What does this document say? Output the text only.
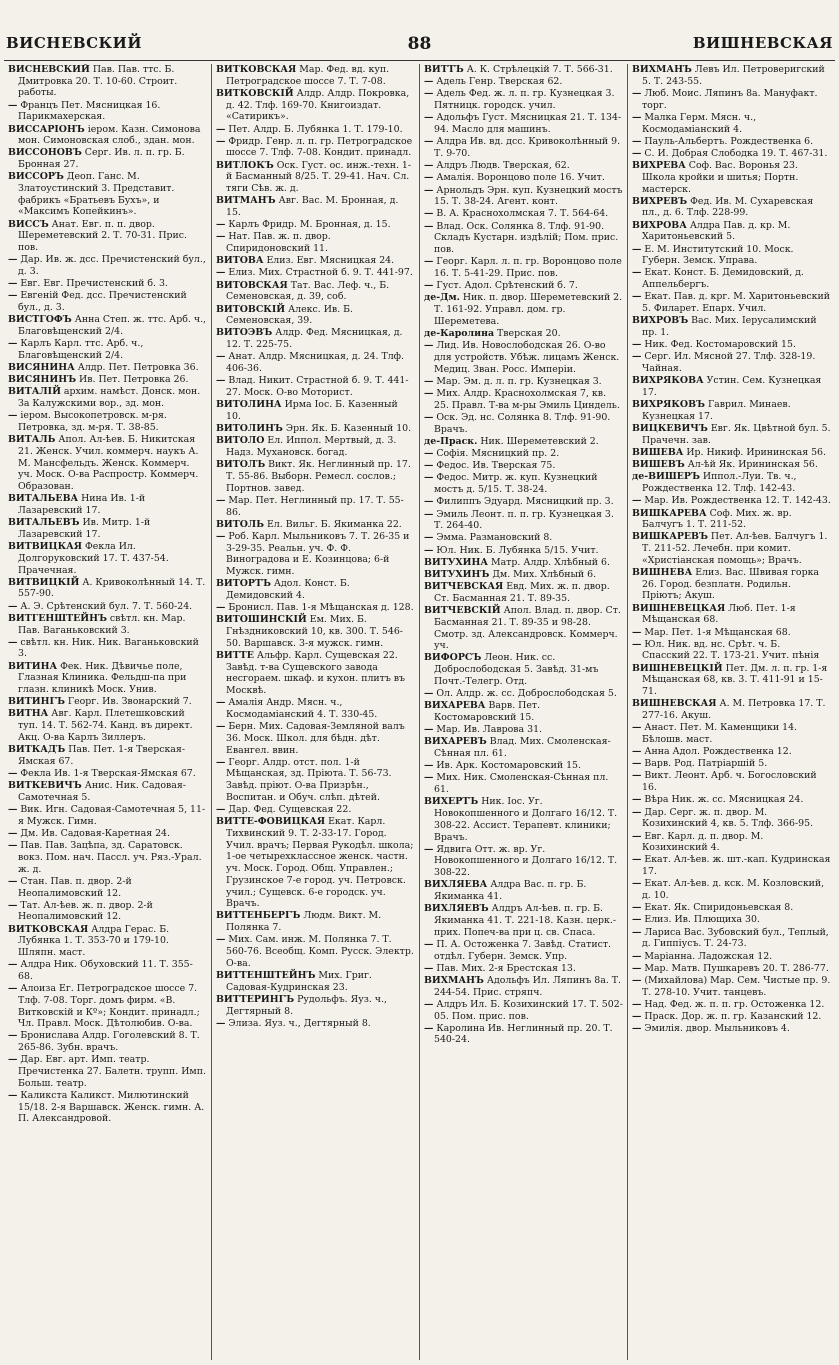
ВИСНЕВСКИЙ	88	ВИШНЕВСКАЯ

ВИСНЕВСКИЙ Пав. Пав. ттс. Б. Дмитровка 20. Т. 10-60. Строит. работы.

— Францъ Пет. Мясницкая 16. Парикмахерская.

ВИССАРІОНЪ ieром. Казн. Симонова мон. Симоновская слоб., здан. мон.

ВИССОНОВЪ Серг. Ив. л. п. гр. Б. Бронная 27.

ВИССОРЪ Деоп. Ганс. М. Златоустинский 3. Представит. фабрикъ «Братьевъ Бухъ», и «Максимъ Копейкинъ».

ВИССЪ Анат. Евг. п. п. двор. Шереметевский 2. Т. 70-31. Прис. пов.

— Дар. Ив. ж. дсс. Пречистенский бул., д. 3.

— Евг. Евг. Пречистенский б. 3.

— Евгеній Фед. дсс. Пречистенский бул., д. 3.

ВИСТГОФЪ Анна Степ. ж. ттс. Арб. ч., Благовѣщенский 2/4.

— Карлъ Карл. ттс. Арб. ч., Благовѣщенский 2/4.

ВИСЯНИНА Алдр. Пет. Петровка 36.

ВИСЯНИНЪ Ив. Пет. Петровка 26.

ВИТАЛІЙ архим. намѣст. Донск. мон. За Калужскими вор., зд. мон.

— ieром. Высокопетровск. м-ря. Петровка, зд. м-ря. Т. 38-85.

ВИТАЛЬ Апол. Ал-ѣев. Б. Никитская 21. Женск. Учил. коммерч. наукъ А. М. Мансфельдъ. Женск. Коммерч. уч. Моск. О-ва Распростр. Коммерч. Образован.

ВИТАЛЬЕВА Нина Ив. 1-й Лазаревский 17.

ВИТАЛЬЕВЪ Ив. Митр. 1-й Лазаревский 17.

ВИТВИЦКАЯ Фекла Ил. Долгоруковский 17. Т. 437-54. Прачечная.

ВИТВИЦКІЙ А. Кривоколѣнный 14. Т. 557-90.

— А. Э. Срѣтенский бул. 7. Т. 560-24.

ВИТГЕНШТЕЙНЪ свѣтл. кн. Мар. Пав. Ваганьковский 3.

— свѣтл. кн. Ник. Ник. Ваганьковский 3.

ВИТИНА Фек. Ник. Дѣвичье поле, Глазная Клиника. Фельдш-па при глазн. клиникѣ Моск. Унив.

ВИТИНГЪ Георг. Ив. Звонарский 7.

ВИТНА Авг. Карл. Плетешковский туп. 14. Т. 562-74. Канд. въ директ. Акц. О-ва Карлъ Зиллеръ.

ВИТКАДЪ Пав. Пет. 1-я Тверская-Ямская 67.

— Фекла Ив. 1-я Тверская-Ямская 67.

ВИТКЕВИЧЪ Анис. Ник. Садовая-Самотечная 5.

— Вик. Игн. Садовая-Самотечная 5, 11-я Мужск. Гимн.

— Дм. Ив. Садовая-Каретная 24.

— Пав. Пав. Зацѣпа, зд. Саратовск. вокз. Пом. нач. Пассл. уч. Ряз.-Урал. ж. д.

— Стан. Пав. п. двор. 2-й Неопалимовский 12.

— Тат. Ал-ѣев. ж. п. двор. 2-й Неопалимовский 12.

ВИТКОВСКАЯ Алдра Герас. Б. Лубянка 1. Т. 353-70 и 179-10. Шляпн. маст.

— Алдра Ник. Обуховский 11. Т. 355-68.

— Алоиза Ег. Петроградское шоссе 7. Тлф. 7-08. Торг. домъ фирм. «В. Витковскій и Кº»; Кондит. принадл.; Чл. Правл. Моск. Дѣтолюбив. О-ва.

— Брониславa Алдр. Гоголевский 8. Т. 265-86. Зубн. врачъ.

— Дар. Евг. арт. Имп. театр. Пречистенка 27. Балетн. трупп. Имп. Больш. театр.

— Каликста Каликст. Милютинский 15/18. 2-я Варшавск. Женск. гимн. А. П. Александровой.

ВИТКОВСКАЯ Мар. Фед. вд. куп. Петроградское шоссе 7. Т. 7-08.

ВИТКОВСКІЙ Алдр. Алдр. Покровка, д. 42. Тлф. 169-70. Книгоиздат. «Сатирикъ».

— Пет. Алдр. Б. Лубянка 1. Т. 179-10.

— Фридр. Генр. л. п. гр. Петроградское шоссе 7. Тлф. 7-08. Кондит. принадл.

ВИТЛОКЪ Оск. Густ. ос. инж.-техн. 1-й Басманный 8/25. Т. 29-41. Нач. Сл. тяги Сѣв. ж. д.

ВИТМАНЪ Авг. Вас. М. Бронная, д. 15.

— Карлъ Фридр. М. Бронная, д. 15.

— Нат. Пав. ж. п. двор. Спиридоновский 11.

ВИТОВА Елиз. Евг. Мясницкая 24.

— Елиз. Мих. Страстной б. 9. Т. 441-97.

ВИТОВСКАЯ Тат. Вас. Леф. ч., Б. Семеновская, д. 39, соб.

ВИТОВСКІЙ Алекс. Ив. Б. Семеновская, 39.

ВИТОЭВЪ Алдр. Фед. Мясницкая, д. 12. Т. 225-75.

— Анат. Алдр. Мясницкая, д. 24. Тлф. 406-36.

— Влад. Никит. Страстной б. 9. Т. 441-27. Моск. О-во Моторист.

ВИТОЛИНА Ирма Іос. Б. Казенный 10.

ВИТОЛИНЪ Эрн. Як. Б. Казенный 10.

ВИТОЛО Ел. Иппол. Мертвый, д. 3. Надз. Мухановск. богад.

ВИТОЛЪ Викт. Як. Неглинный пр. 17. Т. 55-86. Выборн. Ремесл. сослов.; Портнов. завед.

— Мар. Пет. Неглинный пр. 17. Т. 55-86.

ВИТОЛЬ Ел. Вильг. Б. Якиманка 22.

— Роб. Карл. Мыльниковъ 7. Т. 26-35 и 3-29-35. Реальн. уч. Ф. Ф. Виноградова и Е. Козинцова; 6-й Мужск. гимн.

ВИТОРТЪ Адол. Конст. Б. Демидовский 4.

— Бронисл. Пав. 1-я Мѣщанская д. 128.

ВИТОШИНСКІЙ Ем. Мих. Б. Гнѣздниковский 10, кв. 300. Т. 546-50. Варшавск. 3-я мужск. гимн.

ВИТТЕ Альфр. Карл. Сущевская 22. Завѣд. т-ва Сущевского завода несгораем. шкаф. и кухон. плитъ въ Москвѣ.

— Амалія Андр. Мясн. ч., Космодаміанский 4. Т. 330-45.

— Берн. Мих. Садовая-Земляной валъ 36. Моск. Школ. для бѣдн. дѣт. Евангел. ввин.

— Георг. Алдр. отст. пол. 1-й Мѣщанская, зд. Пріюта. Т. 56-73. Завѣд. пріют. О-ва Призрѣн., Воспитан. и Обуч. слѣп. дѣтей.

— Дар. Фед. Сущевская 22.

ВИТТЕ-ФОВИЦКАЯ Екат. Карл. Тихвинский 9. Т. 2-33-17. Город. Учил. врачъ; Первая Рукодѣл. школа; 1-ое четырехклассное женск. частн. уч. Моск. Город. Общ. Управлен.; Грузинское 7-е город. уч. Петровск. учил.; Сущевск. 6-е городск. уч. Врачъ.

ВИТТЕНБЕРГЪ Людм. Викт. М. Полянка 7.

— Мих. Сам. инж. М. Полянка 7. Т. 560-76. Всеобщ. Комп. Русск. Электр. О-ва.

ВИТТЕНШТЕЙНЪ Мих. Григ. Садовая-Кудринская 23.

ВИТТЕРИНГЪ Рудольфъ. Яуз. ч., Дегтярный 8.

— Элиза. Яуз. ч., Дегтярный 8.

ВИТТЪ А. К. Стрѣлецкій 7. Т. 566-31.

— Адель Генр. Тверская 62.

— Адель Фед. ж. л. п. гр. Кузнецкая 3. Пятницк. городск. учил.

— Адольфъ Густ. Мясницкая 21. Т. 134-94. Масло для машинъ.

— Алдра Ив. вд. дсс. Кривоколѣнный 9. Т. 9-70.

— Алдръ Людв. Тверская, 62.

— Амалія. Воронцово поле 16. Учит.

— Арнольдъ Эрн. куп. Кузнецкий мостъ 15. Т. 38-24. Агент. конт.

— В. А. Краснохолмская 7. Т. 564-64.

— Влад. Оск. Солянка 8. Тлф. 91-90. Складъ Кустарн. издѣлій; Пом. прис. пов.

— Георг. Карл. л. п. гр. Воронцово поле 16. Т. 5-41-29. Прис. пов.

— Густ. Адол. Срѣтенский б. 7.

де-Дм. Ник. п. двор. Шереметевский 2. Т. 161-92. Управл. дом. гр. Шереметева.

де-Каролина Тверская 20.

— Лид. Ив. Новослободская 26. О-во для устройств. Убѣж. лицамъ Женск. Медиц. Зван. Росс. Имперіи.

— Мар. Эм. д. л. п. гр. Кузнецкая 3.

— Мих. Алдр. Краснохолмская 7, кв. 25. Правл. Т-ва м-ры Эмиль Циндель.

— Оск. Эд. нс. Солянка 8. Тлф. 91-90. Врачъ.

де-Праск. Ник. Шереметевский 2.

— Софія. Мясницкий пр. 2.

— Федос. Ив. Тверская 75.

— Федос. Митр. ж. куп. Кузнецкий мостъ д. 5/15. Т. 38-24.

— Филиппъ Эдуард. Мясницкий пр. 3.

— Эмиль Леонт. п. п. гр. Кузнецкая 3. Т. 264-40.

— Эмма. Размановский 8.

— Юл. Ник. Б. Лубянка 5/15. Учит.

ВИТУХИНА Матр. Алдр. Хлѣбный 6.

ВИТУХИНЪ Дм. Мих. Хлѣбный 6.

ВИТЧЕВСКАЯ Евд. Мих. ж. п. двор. Ст. Басманная 21. Т. 89-35.

ВИТЧЕВСКІЙ Апол. Влад. п. двор. Ст. Басманная 21. Т. 89-35 и 98-28. Смотр. зд. Александровск. Коммерч. уч.

ВИФОРСЪ Леон. Ник. сс. Доброслободская 5. Завѣд. 31-мъ Почт.-Телегр. Отд.

— Ол. Алдр. ж. сс. Доброслободская 5.

ВИХАРЕВА Варв. Пет. Костомаровский 15.

— Мар. Ив. Лаврова 31.

ВИХАРЕВЪ Влад. Мих. Смоленская-Сѣнная пл. 61.

— Ив. Арк. Костомаровский 15.

— Мих. Ник. Смоленская-Сѣнная пл. 61.

ВИХЕРТЪ Ник. Іос. Уг. Новокопшенного и Долгаго 16/12. Т. 308-22. Ассист. Терапевт. клиники; Врачъ.

— Ядвига Отт. ж. вр. Уг. Новокопшенного и Долгаго 16/12. Т. 308-22.

ВИХЛЯЕВА Алдра Вас. п. гр. Б. Якиманка 41.

ВИХЛЯЕВЪ Алдръ Ал-ѣев. п. гр. Б. Якиманка 41. Т. 221-18. Казн. церк.-прих. Попеч-ва при ц. св. Спаса.

— П. А. Остоженка 7. Завѣд. Статист. отдѣл. Губерн. Земск. Упр.

— Пав. Мих. 2-я Брестская 13.

ВИХМАНЪ Адольфъ Ил. Ляпинъ 8а. Т. 244-54. Прис. стряпч.

— Алдръ Ил. Б. Козихинский 17. Т. 502-05. Пом. прис. пов.

— Каролина Ив. Неглинный пр. 20. Т. 540-24.

ВИХМАНЪ Левъ Ил. Петроверигский 5. Т. 243-55.

— Люб. Моис. Ляпинъ 8а. Мануфакт. торг.

— Малка Герм. Мясн. ч., Космодаміанский 4.

— Пауль-Альбертъ. Рождественка 6.

— С. И. Добрая Слободка 19. Т. 467-31.

ВИХРЕВА Соф. Вас. Воронья 23. Школа кройки и шитья; Портн. мастерск.

ВИХРЕВЪ Фед. Ив. М. Сухаревская пл., д. 6. Тлф. 228-99.

ВИХРОВА Алдра Пав. д. кр. М. Харитоньевский 5.

— Е. М. Институтский 10. Моск. Губерн. Земск. Управа.

— Екат. Конст. Б. Демидовский, д. Аппельбергъ.

— Екат. Пав. д. крг. М. Харитоньевский 5. Филарет. Епарх. Учил.

ВИХРОВЪ Вас. Мих. Іерусалимский пр. 1.

— Ник. Фед. Костомаровский 15.

— Серг. Ил. Мясной 27. Тлф. 328-19. Чайная.

ВИХРЯКОВА Устин. Сем. Кузнецкая 17.

ВИХРЯКОВЪ Гаврил. Минаев. Кузнецкая 17.

ВИЦКЕВИЧЪ Евг. Як. Цвѣтной бул. 5. Прачечн. зав.

ВИШЕВА Ир. Никиф. Ирининская 56.

ВИШЕВЪ Ал-ѣй Як. Ирининская 56.

де-ВИШЕРЪ Иппол.-Луи. Тв. ч., Рождественка 12. Тлф. 142-43.

— Мар. Ив. Рождественка 12. Т. 142-43.

ВИШКАРЕВА Соф. Мих. ж. вр. Балчугъ 1. Т. 211-52.

ВИШКАРЕВЪ Пет. Ал-ѣев. Балчугъ 1. Т. 211-52. Лечебн. при комит. «Христіанская помощь»; Врачъ.

ВИШНЕВА Елиз. Вас. Швивая горка 26. Город. безплатн. Родильн. Пріютъ; Акуш.

ВИШНЕВЕЦКАЯ Люб. Пет. 1-я Мѣщанская 68.

— Мар. Пет. 1-я Мѣщанская 68.

— Юл. Ник. вд. нс. Срѣт. ч. Б. Спасский 22. Т. 173-21. Учит. пѣнія

ВИШНЕВЕЦКІЙ Пет. Дм. л. п. гр. 1-я Мѣщанская 68, кв. 3. Т. 411-91 и 15-71.

ВИШНЕВСКАЯ А. М. Петровка 17. Т. 277-16. Акуш.

— Анаст. Пет. М. Каменщики 14. Бѣлошв. маст.

— Анна Адол. Рождественка 12.

— Варв. Род. Патріаршій 5.

— Викт. Леонт. Арб. ч. Богословский 16.

— Вѣра Ник. ж. сс. Мясницкая 24.

— Дар. Серг. ж. п. двор. М. Козихинский 4, кв. 5. Тлф. 366-95.

— Евг. Карл. д. п. двор. М. Козихинский 4.

— Екат. Ал-ѣев. ж. шт.-кап. Кудринская 17.

— Екат. Ал-ѣев. д. кск. М. Козловский, д. 10.

— Екат. Як. Спиридоньевская 8.

— Елиз. Ив. Плющиха 30.

— Лариса Вас. Зубовский бул., Теплый, д. Гиппіусъ. Т. 24-73.

— Маріанна. Ладожская 12.

— Мар. Матв. Пушкаревъ 20. Т. 286-77.

— (Михайлова) Мар. Сем. Чистые пр. 9. Т. 278-10. Учит. танцевъ.

— Над. Фед. ж. п. п. гр. Остоженка 12.

— Праск. Дор. ж. п. гр. Казанский 12.

— Эмилія. двор. Мыльниковъ 4.
